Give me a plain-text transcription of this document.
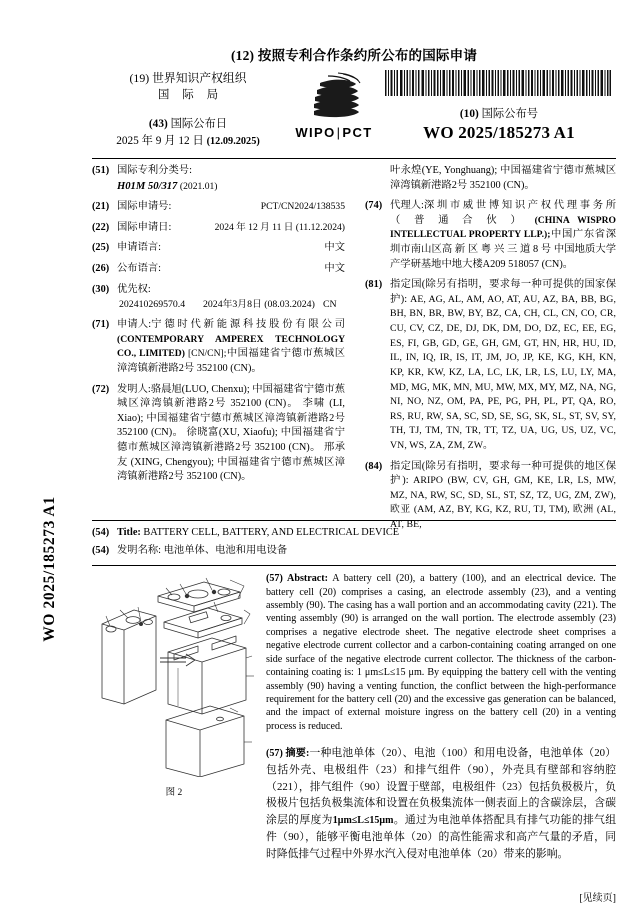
WO 2025/185273 A1
(12) 按照专利合作条约所公布的国际申请
(19) 世界知识产权组织
国 际 局
(43) 国际公布日
2025 年 9 月 12 日 (12.09.2025)
WIPO|PCT
(10) 国际公布号
WO 2025/185273 A1
(51) 国际专利分类号:
H01M 50/317 (2021.01)
(21) 国际申请号:	PCT/CN2024/138535
(22) 国际申请日:	2024 年 12 月 11 日 (11.12.2024)
(25) 申请语言:	中文
(26) 公布语言:	中文
(30) 优先权:
202410269570.4 2024年3月8日 (08.03.2024) CN
(71) 申请人:宁 德 时 代 新 能 源 科 技 股 份 有 限 公 司 (CONTEMPORARY AMPEREX TECHNOLOGY CO., LIMITED) [CN/CN];中国福建省宁德市蕉城区漳湾镇新港路2号 352100 (CN)。
(72) 发明人:骆晨旭(LUO, Chenxu); 中国福建省宁德市蕉城区漳湾镇新港路2号 352100 (CN)。 李啸 (LI, Xiao); 中国福建省宁德市蕉城区漳湾镇新港路2号 352100 (CN)。 徐晓富(XU, Xiaofu); 中国福建省宁德市蕉城区漳湾镇新港路2号 352100 (CN)。 邢承友 (XING, Chengyou); 中国福建省宁德市蕉城区漳湾镇新港路2号 352100 (CN)。
叶永煌(YE, Yonghuang); 中国福建省宁德市蕉城区漳湾镇新港路2号 352100 (CN)。
(74) 代理人:深 圳 市 威 世 博 知 识 产 权 代 理 事 务 所 （ 普 通 合 伙 ） (CHINA WISPRO INTELLECTUAL PROPERTY LLP.);中国广东省深圳市南山区高 新 区 粤 兴 三 道 8 号 中国地质大学产学研基地中地大楼A209 518057 (CN)。
(81) 指定国(除另有指明，要求每一种可提供的国家保护): AE, AG, AL, AM, AO, AT, AU, AZ, BA, BB, BG, BH, BN, BR, BW, BY, BZ, CA, CH, CL, CN, CO, CR, CU, CV, CZ, DE, DJ, DK, DM, DO, DZ, EC, EE, EG, ES, FI, GB, GD, GE, GH, GM, GT, HN, HR, HU, ID, IL, IN, IQ, IR, IS, IT, JM, JO, JP, KE, KG, KH, KN, KP, KR, KW, KZ, LA, LC, LK, LR, LS, LU, LY, MA, MD, MG, MK, MN, MU, MW, MX, MY, MZ, NA, NG, NI, NO, NZ, OM, PA, PE, PG, PH, PL, PT, QA, RO, RS, RU, RW, SA, SC, SD, SE, SG, SK, SL, ST, SV, SY, TH, TJ, TM, TN, TR, TT, TZ, UA, UG, US, UZ, VC, VN, WS, ZA, ZM, ZW。
(84) 指定国(除另有指明，要求每一种可提供的地区保护): ARIPO (BW, CV, GH, GM, KE, LR, LS, MW, MZ, NA, RW, SC, SD, SL, ST, SZ, TZ, UG, ZM, ZW), 欧亚 (AM, AZ, BY, KG, KZ, RU, TJ, TM), 欧洲 (AL, AT, BE,
(54) Title: BATTERY CELL, BATTERY, AND ELECTRICAL DEVICE
(54) 发明名称: 电池单体、电池和用电设备
图 2

(57) Abstract: A battery cell (20), a battery (100), and an electrical device. The battery cell (20) comprises a casing, an electrode assembly (23), and a venting assembly (90). The casing has a wall portion and an accommodating cavity (221). The venting assembly (90) is arranged on the wall portion. The electrode assembly (23) comprises a negative electrode sheet. The negative electrode sheet comprises a negative electrode current collector and a carbon-containing coating arranged on one side surface of the negative electrode current collector. The thickness of the carbon-containing coating is: 1 μm≤L≤15 μm. By equipping the battery cell with the venting assembly (90) having a venting function, the conflict between the high-performance requirement for the battery cell (20) and the excessive gas generation can be balanced, and the impact of external moisture ingress on the battery cell (20) in a venting process is reduced.

(57) 摘要:一种电池单体（20）、电池（100）和用电设备，电池单体（20）包括外壳、电极组件（23）和排气组件（90），外壳具有壁部和容纳腔（221），排气组件（90）设置于壁部，电极组件（23）包括负极极片，负极极片包括负极集流体和设置在负极集流体一侧表面上的含碳涂层，含碳涂层的厚度为1μm≤L≤15μm。通过为电池单体搭配具有排气功能的排气组件（90），能够平衡电池单体（20）的高性能需求和高产气量的矛盾，同时降低排气过程中外界水汽入侵对电池单体（20）带来的影响。

[见续页]
